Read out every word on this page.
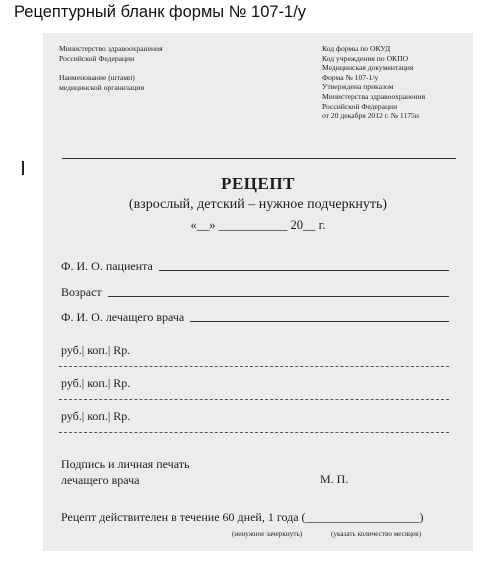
Рецептурный бланк формы № 107-1/у
Министерство здравоохранения
Российской Федерации
Наименование (штамп)
медицинской организации
Код формы по ОКУД
Код учреждения по ОКПО
Медицинская документация
Форма № 107-1/у
Утверждена приказом
Министерства здравоохранения
Российской Федерации
от 20 декабря 2012 г. № 1175н
РЕЦЕПТ
(взрослый, детский – нужное подчеркнуть)
«__» ___________ 20__ г.
Ф. И. О. пациента
Возраст
Ф. И. О. лечащего врача
руб.| коп.| Rp.
руб.| коп.| Rp.
руб.| коп.| Rp.
Подпись и личная печать
лечащего врача	М. П.
Рецепт действителен в течение 60 дней, 1 года (___________________)
(ненужное зачеркнуть)	(указать количество месяцев)
